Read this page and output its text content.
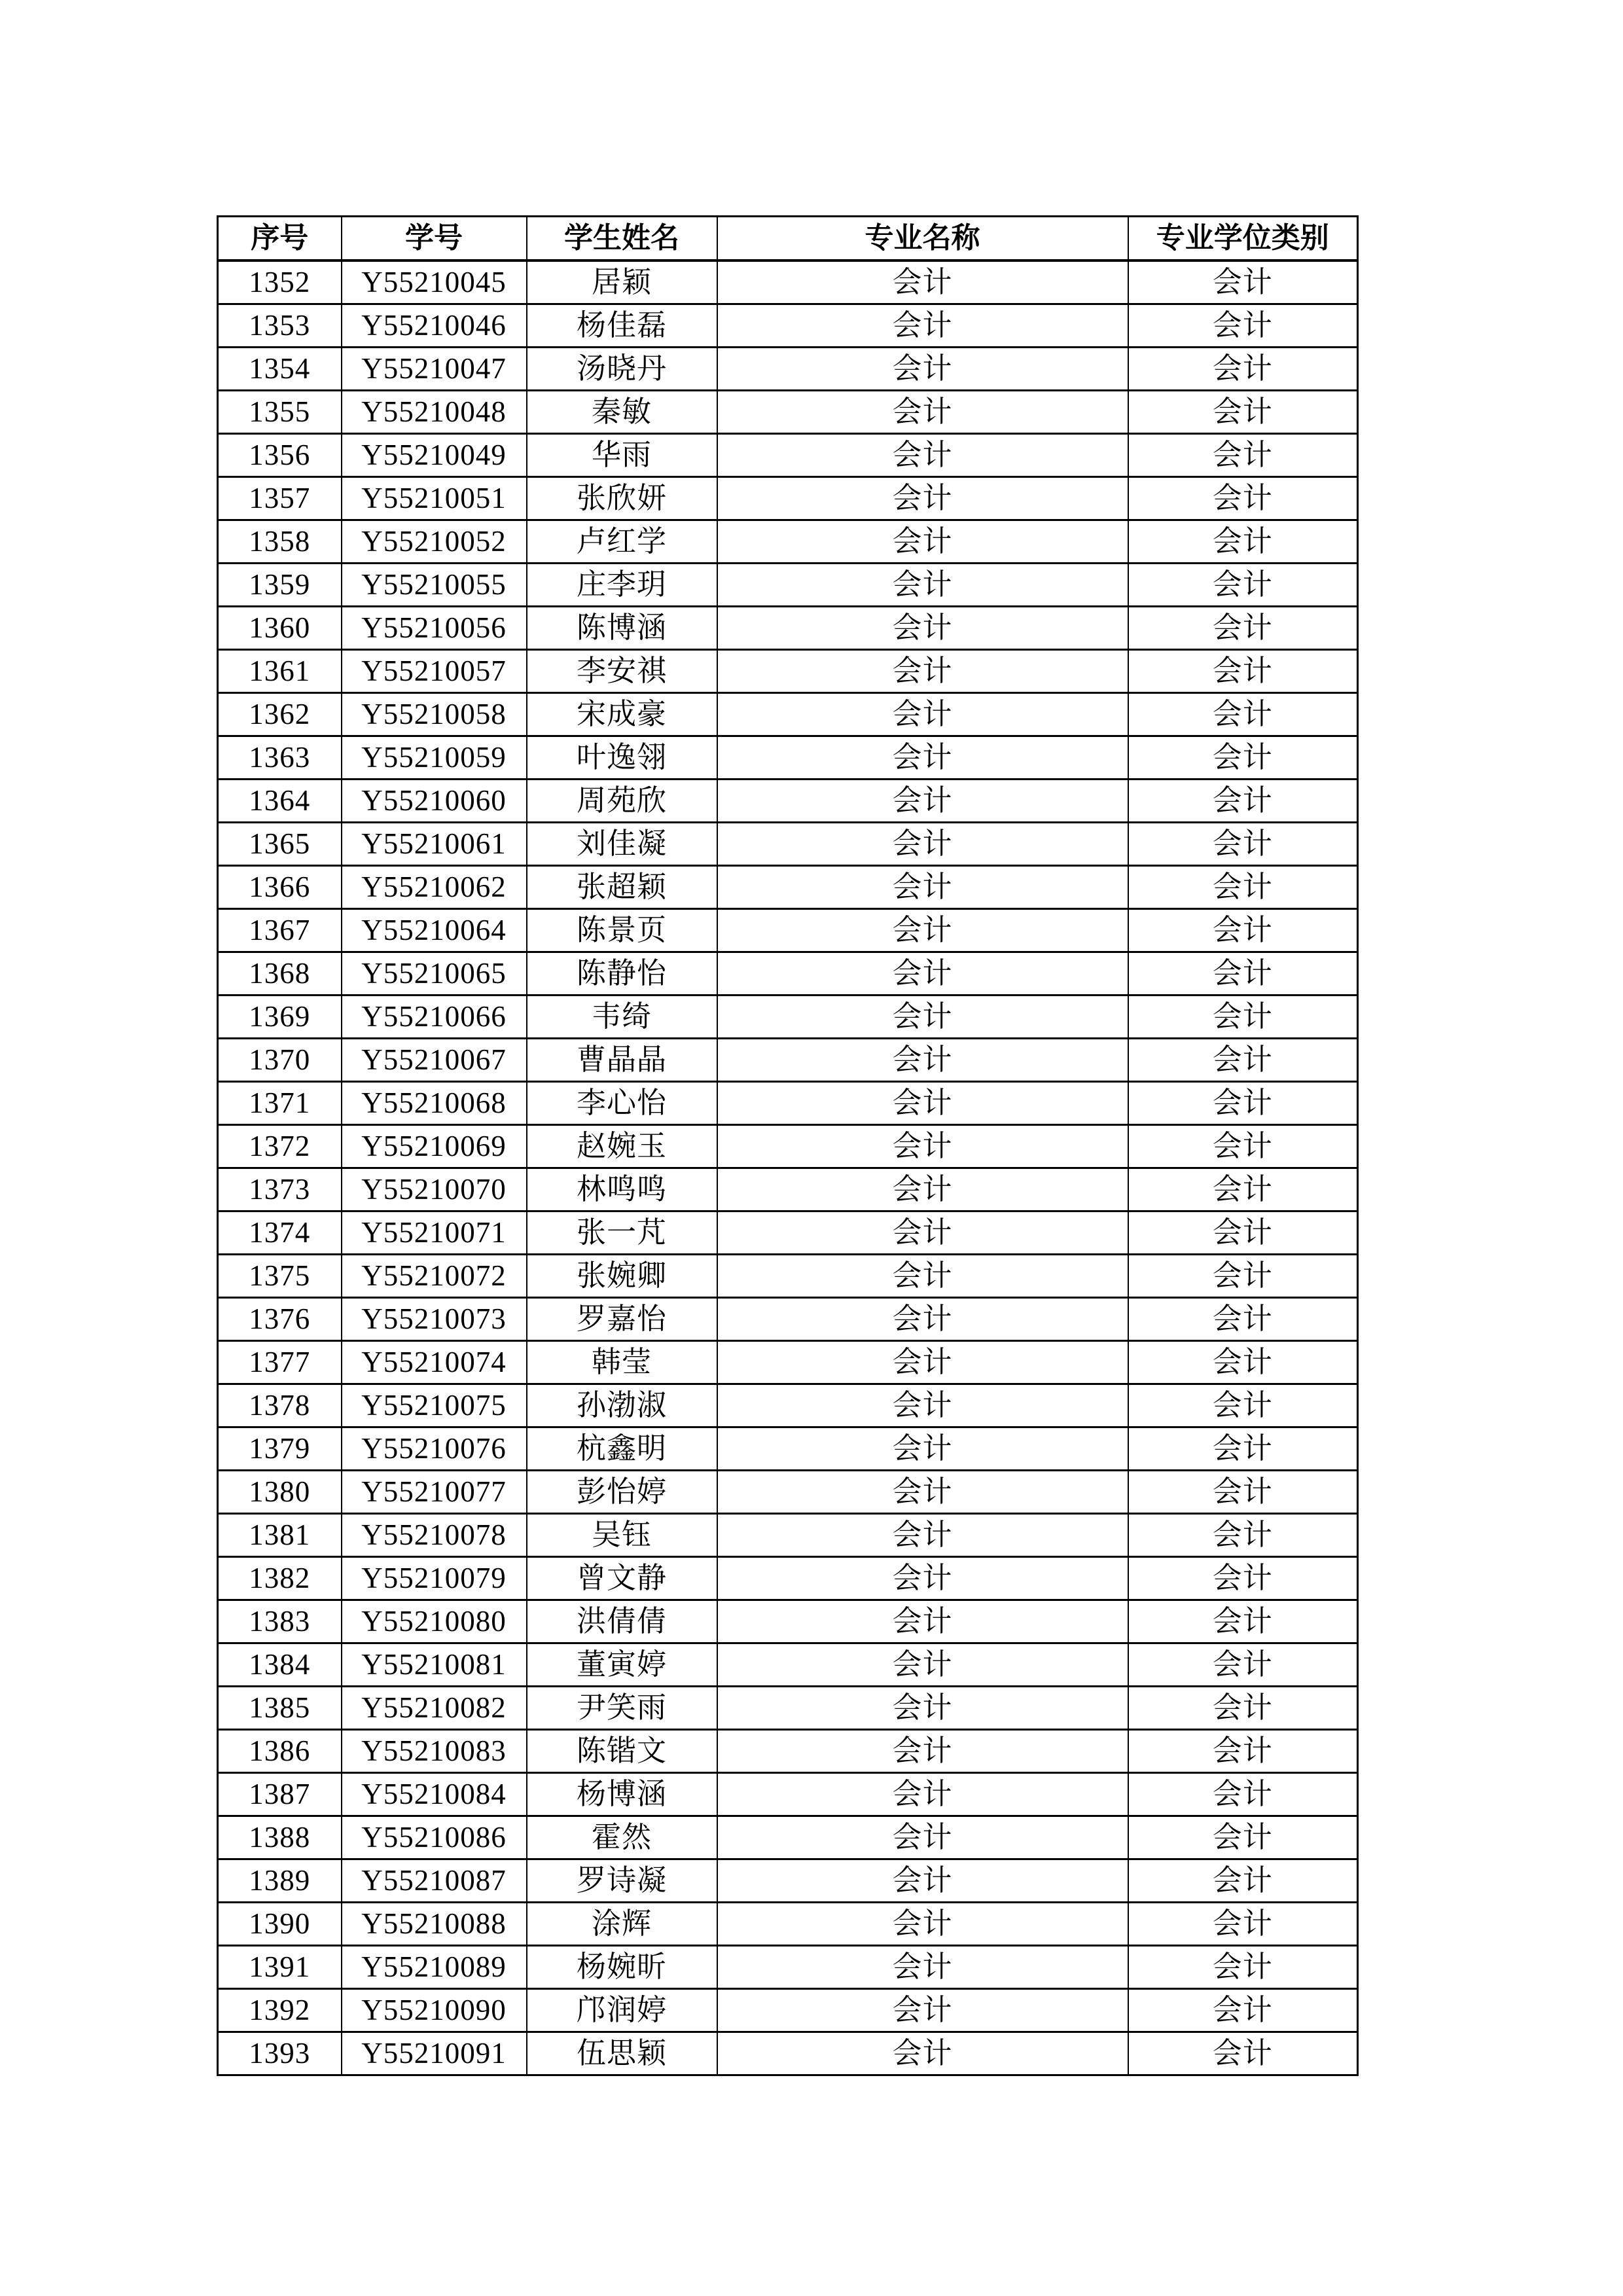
序号	学号	学生姓名	专业名称	专业学位类别
1352	Y55210045	居颖	会计	会计
1353	Y55210046	杨佳磊	会计	会计
1354	Y55210047	汤晓丹	会计	会计
1355	Y55210048	秦敏	会计	会计
1356	Y55210049	华雨	会计	会计
1357	Y55210051	张欣妍	会计	会计
1358	Y55210052	卢红学	会计	会计
1359	Y55210055	庄李玥	会计	会计
1360	Y55210056	陈博涵	会计	会计
1361	Y55210057	李安祺	会计	会计
1362	Y55210058	宋成豪	会计	会计
1363	Y55210059	叶逸翎	会计	会计
1364	Y55210060	周苑欣	会计	会计
1365	Y55210061	刘佳凝	会计	会计
1366	Y55210062	张超颖	会计	会计
1367	Y55210064	陈景页	会计	会计
1368	Y55210065	陈静怡	会计	会计
1369	Y55210066	韦绮	会计	会计
1370	Y55210067	曹晶晶	会计	会计
1371	Y55210068	李心怡	会计	会计
1372	Y55210069	赵婉玉	会计	会计
1373	Y55210070	林鸣鸣	会计	会计
1374	Y55210071	张一芃	会计	会计
1375	Y55210072	张婉卿	会计	会计
1376	Y55210073	罗嘉怡	会计	会计
1377	Y55210074	韩莹	会计	会计
1378	Y55210075	孙渤淑	会计	会计
1379	Y55210076	杭鑫明	会计	会计
1380	Y55210077	彭怡婷	会计	会计
1381	Y55210078	吴钰	会计	会计
1382	Y55210079	曾文静	会计	会计
1383	Y55210080	洪倩倩	会计	会计
1384	Y55210081	董寅婷	会计	会计
1385	Y55210082	尹笑雨	会计	会计
1386	Y55210083	陈锴文	会计	会计
1387	Y55210084	杨博涵	会计	会计
1388	Y55210086	霍然	会计	会计
1389	Y55210087	罗诗凝	会计	会计
1390	Y55210088	涂辉	会计	会计
1391	Y55210089	杨婉昕	会计	会计
1392	Y55210090	邝润婷	会计	会计
1393	Y55210091	伍思颖	会计	会计
